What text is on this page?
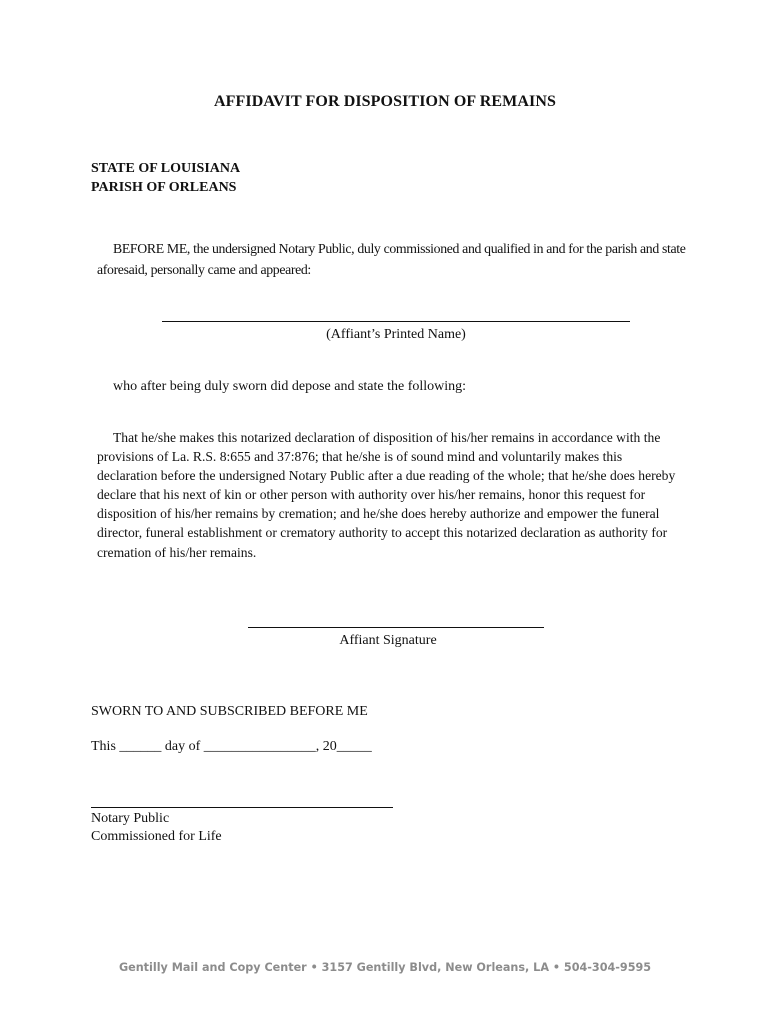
AFFIDAVIT FOR DISPOSITION OF REMAINS
STATE OF LOUISIANA
PARISH OF ORLEANS
BEFORE ME, the undersigned Notary Public, duly commissioned and qualified in and for the parish and state aforesaid, personally came and appeared:
(Affiant’s Printed Name)
who after being duly sworn did depose and state the following:
That he/she makes this notarized declaration of disposition of his/her remains in accordance with the provisions of La. R.S. 8:655 and 37:876; that he/she is of sound mind and voluntarily makes this declaration before the undersigned Notary Public after a due reading of the whole; that he/she does hereby declare that his next of kin or other person with authority over his/her remains, honor this request for disposition of his/her remains by cremation; and he/she does hereby authorize and empower the funeral director, funeral establishment or crematory authority to accept this notarized declaration as authority for cremation of his/her remains.
Affiant Signature
SWORN TO AND SUBSCRIBED BEFORE ME
This ______ day of ________________, 20_____
Notary Public
Commissioned for Life
Gentilly Mail and Copy Center • 3157 Gentilly Blvd, New Orleans, LA • 504-304-9595
